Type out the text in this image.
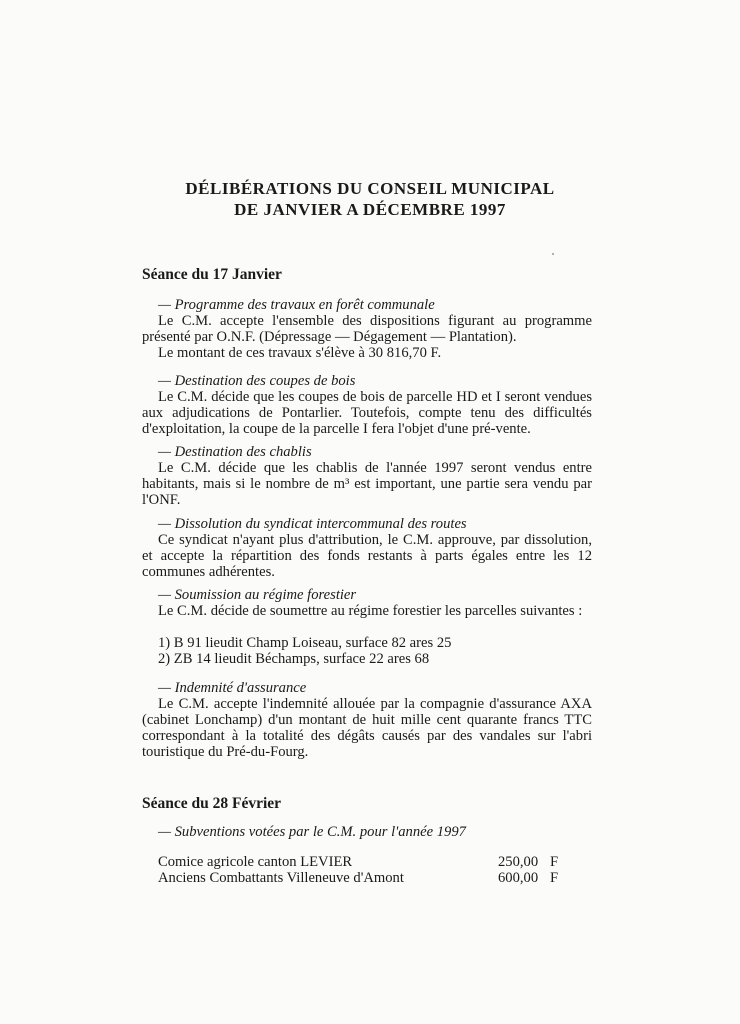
DÉLIBÉRATIONS DU CONSEIL MUNICIPAL
DE JANVIER A DÉCEMBRE 1997
Séance du 17 Janvier
— Programme des travaux en forêt communale
Le C.M. accepte l'ensemble des dispositions figurant au programme présenté par O.N.F. (Dépressage — Dégagement — Plantation).
Le montant de ces travaux s'élève à 30 816,70 F.
— Destination des coupes de bois
Le C.M. décide que les coupes de bois de parcelle HD et I seront vendues aux adjudications de Pontarlier. Toutefois, compte tenu des difficultés d'exploitation, la coupe de la parcelle I fera l'objet d'une pré-vente.
— Destination des chablis
Le C.M. décide que les chablis de l'année 1997 seront vendus entre habitants, mais si le nombre de m³ est important, une partie sera vendu par l'ONF.
— Dissolution du syndicat intercommunal des routes
Ce syndicat n'ayant plus d'attribution, le C.M. approuve, par dissolution, et accepte la répartition des fonds restants à parts égales entre les 12 communes adhérentes.
— Soumission au régime forestier
Le C.M. décide de soumettre au régime forestier les parcelles suivantes :
1) B 91 lieudit Champ Loiseau, surface 82 ares 25
2) ZB 14 lieudit Béchamps, surface 22 ares 68
— Indemnité d'assurance
Le C.M. accepte l'indemnité allouée par la compagnie d'assurance AXA (cabinet Lonchamp) d'un montant de huit mille cent quarante francs TTC correspondant à la totalité des dégâts causés par des vandales sur l'abri touristique du Pré-du-Fourg.
Séance du 28 Février
— Subventions votées par le C.M. pour l'année 1997
Comice agricole canton LEVIER	250,00 F
Anciens Combattants Villeneuve d'Amont	600,00 F
